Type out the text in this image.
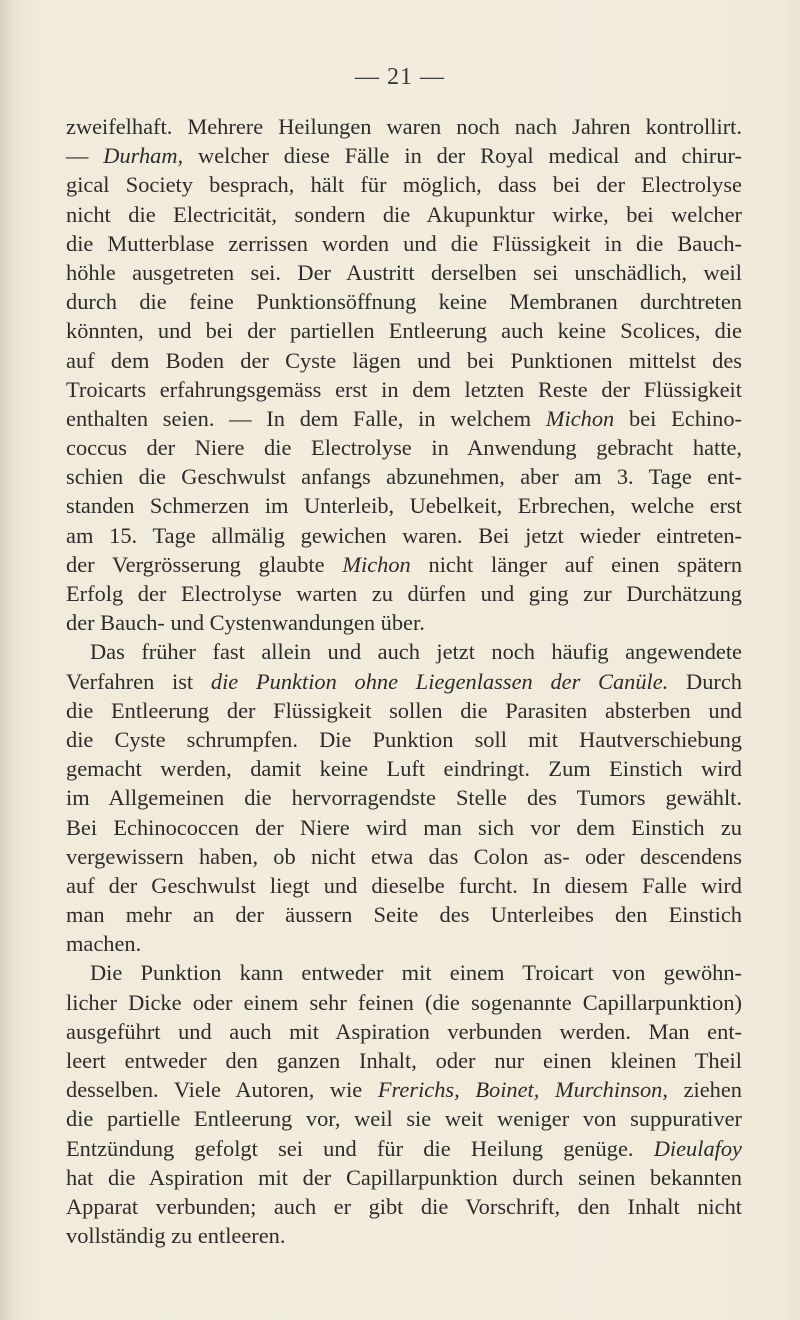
— 21 —
zweifelhaft. Mehrere Heilungen waren noch nach Jahren kontrollirt.
— Durham, welcher diese Fälle in der Royal medical and chirur-
gical Society besprach, hält für möglich, dass bei der Electrolyse
nicht die Electricität, sondern die Akupunktur wirke, bei welcher
die Mutterblase zerrissen worden und die Flüssigkeit in die Bauch-
höhle ausgetreten sei. Der Austritt derselben sei unschädlich, weil
durch die feine Punktionsöffnung keine Membranen durchtreten
könnten, und bei der partiellen Entleerung auch keine Scolices, die
auf dem Boden der Cyste lägen und bei Punktionen mittelst des
Troicarts erfahrungsgemäss erst in dem letzten Reste der Flüssigkeit
enthalten seien. — In dem Falle, in welchem Michon bei Echino-
coccus der Niere die Electrolyse in Anwendung gebracht hatte,
schien die Geschwulst anfangs abzunehmen, aber am 3. Tage ent-
standen Schmerzen im Unterleib, Uebelkeit, Erbrechen, welche erst
am 15. Tage allmälig gewichen waren. Bei jetzt wieder eintreten-
der Vergrösserung glaubte Michon nicht länger auf einen spätern
Erfolg der Electrolyse warten zu dürfen und ging zur Durchätzung
der Bauch- und Cystenwandungen über.
Das früher fast allein und auch jetzt noch häufig angewendete
Verfahren ist die Punktion ohne Liegenlassen der Canüle. Durch
die Entleerung der Flüssigkeit sollen die Parasiten absterben und
die Cyste schrumpfen. Die Punktion soll mit Hautverschiebung
gemacht werden, damit keine Luft eindringt. Zum Einstich wird
im Allgemeinen die hervorragendste Stelle des Tumors gewählt.
Bei Echinococcen der Niere wird man sich vor dem Einstich zu
vergewissern haben, ob nicht etwa das Colon as- oder descendens
auf der Geschwulst liegt und dieselbe furcht. In diesem Falle wird
man mehr an der äussern Seite des Unterleibes den Einstich
machen.
Die Punktion kann entweder mit einem Troicart von gewöhn-
licher Dicke oder einem sehr feinen (die sogenannte Capillarpunktion)
ausgeführt und auch mit Aspiration verbunden werden. Man ent-
leert entweder den ganzen Inhalt, oder nur einen kleinen Theil
desselben. Viele Autoren, wie Frerichs, Boinet, Murchinson, ziehen
die partielle Entleerung vor, weil sie weit weniger von suppurativer
Entzündung gefolgt sei und für die Heilung genüge. Dieulafoy
hat die Aspiration mit der Capillarpunktion durch seinen bekannten
Apparat verbunden; auch er gibt die Vorschrift, den Inhalt nicht
vollständig zu entleeren.
